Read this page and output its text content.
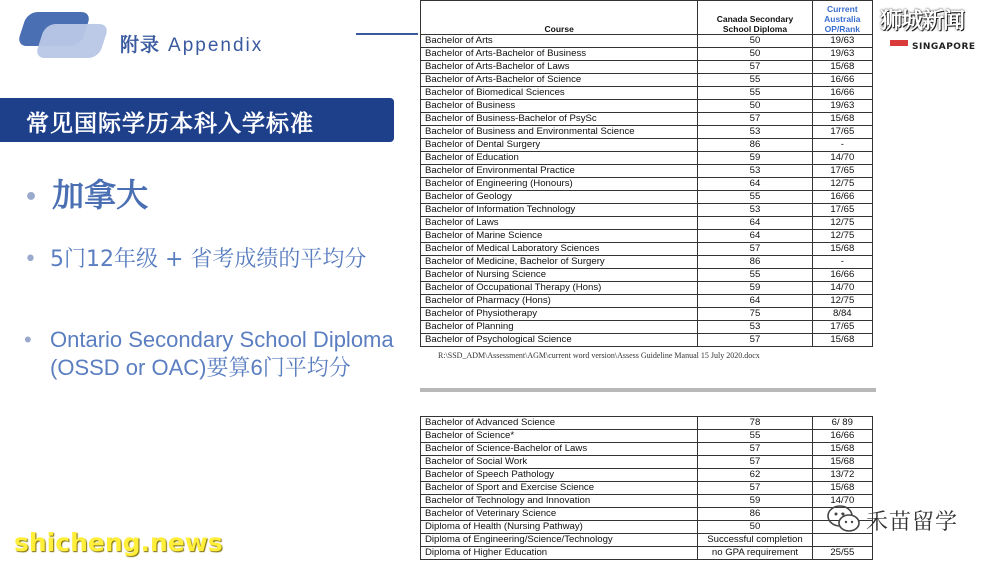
附录 Appendix
常见国际学历本科入学标准
• 加拿大
• 5门12年级 + 省考成绩的平均分
• Ontario Secondary School Diploma (OSSD or OAC)要算6门平均分
Course	Canada Secondary School Diploma	Current Australia OP/Rank
Bachelor of Arts	50	19/63
Bachelor of Arts-Bachelor of Business	50	19/63
Bachelor of Arts-Bachelor of Laws	57	15/68
Bachelor of Arts-Bachelor of Science	55	16/66
Bachelor of Biomedical Sciences	55	16/66
Bachelor of Business	50	19/63
Bachelor of Business-Bachelor of PsySc	57	15/68
Bachelor of Business and Environmental Science	53	17/65
Bachelor of Dental Surgery	86	-
Bachelor of Education	59	14/70
Bachelor of Environmental Practice	53	17/65
Bachelor of Engineering (Honours)	64	12/75
Bachelor of Geology	55	16/66
Bachelor of Information Technology	53	17/65
Bachelor of Laws	64	12/75
Bachelor of Marine Science	64	12/75
Bachelor of Medical Laboratory Sciences	57	15/68
Bachelor of Medicine, Bachelor of Surgery	86	-
Bachelor of Nursing Science	55	16/66
Bachelor of Occupational Therapy (Hons)	59	14/70
Bachelor of Pharmacy (Hons)	64	12/75
Bachelor of Physiotherapy	75	8/84
Bachelor of Planning	53	17/65
Bachelor of Psychological Science	57	15/68
R:\SSD_ADM\Assessment\AGM\current word version\Assess Guideline Manual 15 July 2020.docx
Bachelor of Advanced Science	78	6/ 89
Bachelor of Science*	55	16/66
Bachelor of Science-Bachelor of Laws	57	15/68
Bachelor of Social Work	57	15/68
Bachelor of Speech Pathology	62	13/72
Bachelor of Sport and Exercise Science	57	15/68
Bachelor of Technology and Innovation	59	14/70
Bachelor of Veterinary Science	86	
Diploma of Health (Nursing Pathway)	50	
Diploma of Engineering/Science/Technology	Successful completion	
Diploma of Higher Education	no GPA requirement	25/55
狮城新闻
SINGAPORE
禾苗留学
shicheng.news
